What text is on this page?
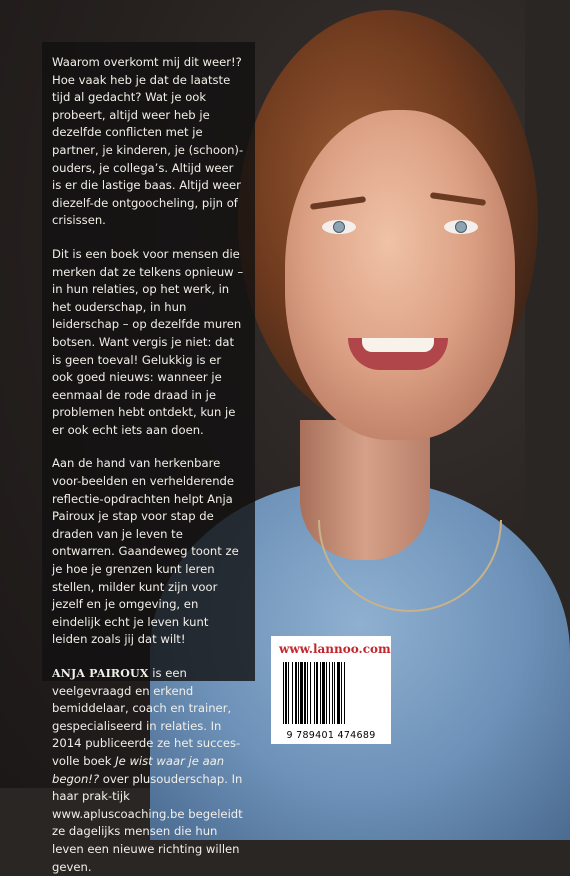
Waarom overkomt mij dit weer!? Hoe vaak heb je dat de laatste tijd al gedacht? Wat je ook probeert, altijd weer heb je dezelfde conflicten met je partner, je kinderen, je (schoon)-ouders, je collega’s. Altijd weer is er die lastige baas. Altijd weer diezelf-de ontgoocheling, pijn of crisissen.

Dit is een boek voor mensen die merken dat ze telkens opnieuw – in hun relaties, op het werk, in het ouderschap, in hun leiderschap – op dezelfde muren botsen. Want vergis je niet: dat is geen toeval! Gelukkig is er ook goed nieuws: wanneer je eenmaal de rode draad in je problemen hebt ontdekt, kun je er ook echt iets aan doen.

Aan de hand van herkenbare voor-beelden en verhelderende reflectie-opdrachten helpt Anja Pairoux je stap voor stap de draden van je leven te ontwarren. Gaandeweg toont ze je hoe je grenzen kunt leren stellen, milder kunt zijn voor jezelf en je omgeving, en eindelijk echt je leven kunt leiden zoals jij dat wilt!

ANJA PAIROUX is een veelgevraagd en erkend bemiddelaar, coach en trainer, gespecialiseerd in relaties. In 2014 publiceerde ze het succes-volle boek Je wist waar je aan begon!? over plusouderschap. In haar prak-tijk www.apluscoaching.be begeleidt ze dagelijks mensen die hun leven een nieuwe richting willen geven.

www.lannoo.com
9 789401 474689
